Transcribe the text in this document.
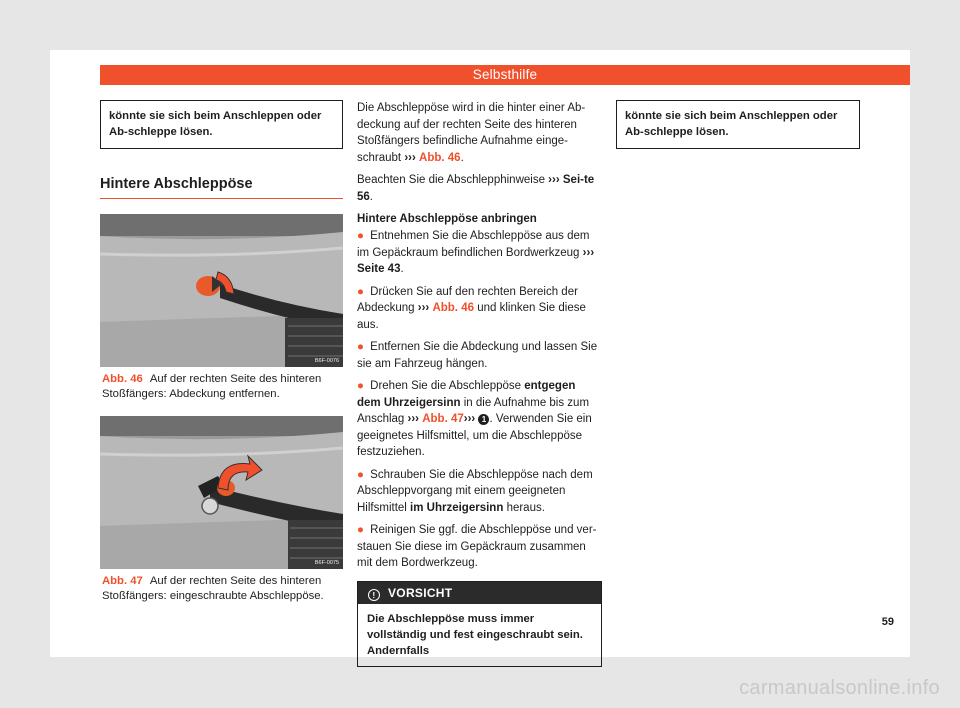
Selbsthilfe
könnte sie sich beim Anschleppen oder Ab-schleppe lösen.
Hintere Abschleppöse
B6F-0076
Abb. 46 Auf der rechten Seite des hinteren Stoßfängers: Abdeckung entfernen.
B6F-0075
Abb. 47 Auf der rechten Seite des hinteren Stoßfängers: eingeschraubte Abschleppöse.

Die Abschleppöse wird in die hinter einer Ab-deckung auf der rechten Seite des hinteren Stoßfängers befindliche Aufnahme einge-schraubt ››› Abb. 46.

Beachten Sie die Abschlepphinweise ››› Sei-te 56.

Hintere Abschleppöse anbringen

● Entnehmen Sie die Abschleppöse aus dem im Gepäckraum befindlichen Bordwerkzeug ››› Seite 43.

● Drücken Sie auf den rechten Bereich der Abdeckung ››› Abb. 46 und klinken Sie diese aus.

● Entfernen Sie die Abdeckung und lassen Sie sie am Fahrzeug hängen.

● Drehen Sie die Abschleppöse entgegen dem Uhrzeigersinn in die Aufnahme bis zum Anschlag ››› Abb. 47››› 1 . Verwenden Sie ein geeignetes Hilfsmittel, um die Abschleppöse festzuziehen.

● Schrauben Sie die Abschleppöse nach dem Abschleppvorgang mit einem geeigneten Hilfsmittel im Uhrzeigersinn heraus.

● Reinigen Sie ggf. die Abschleppöse und ver-stauen Sie diese im Gepäckraum zusammen mit dem Bordwerkzeug.

! VORSICHT
Die Abschleppöse muss immer vollständig und fest eingeschraubt sein. Andernfalls
könnte sie sich beim Anschleppen oder Ab-schleppe lösen.
59
carmanualsonline.info
